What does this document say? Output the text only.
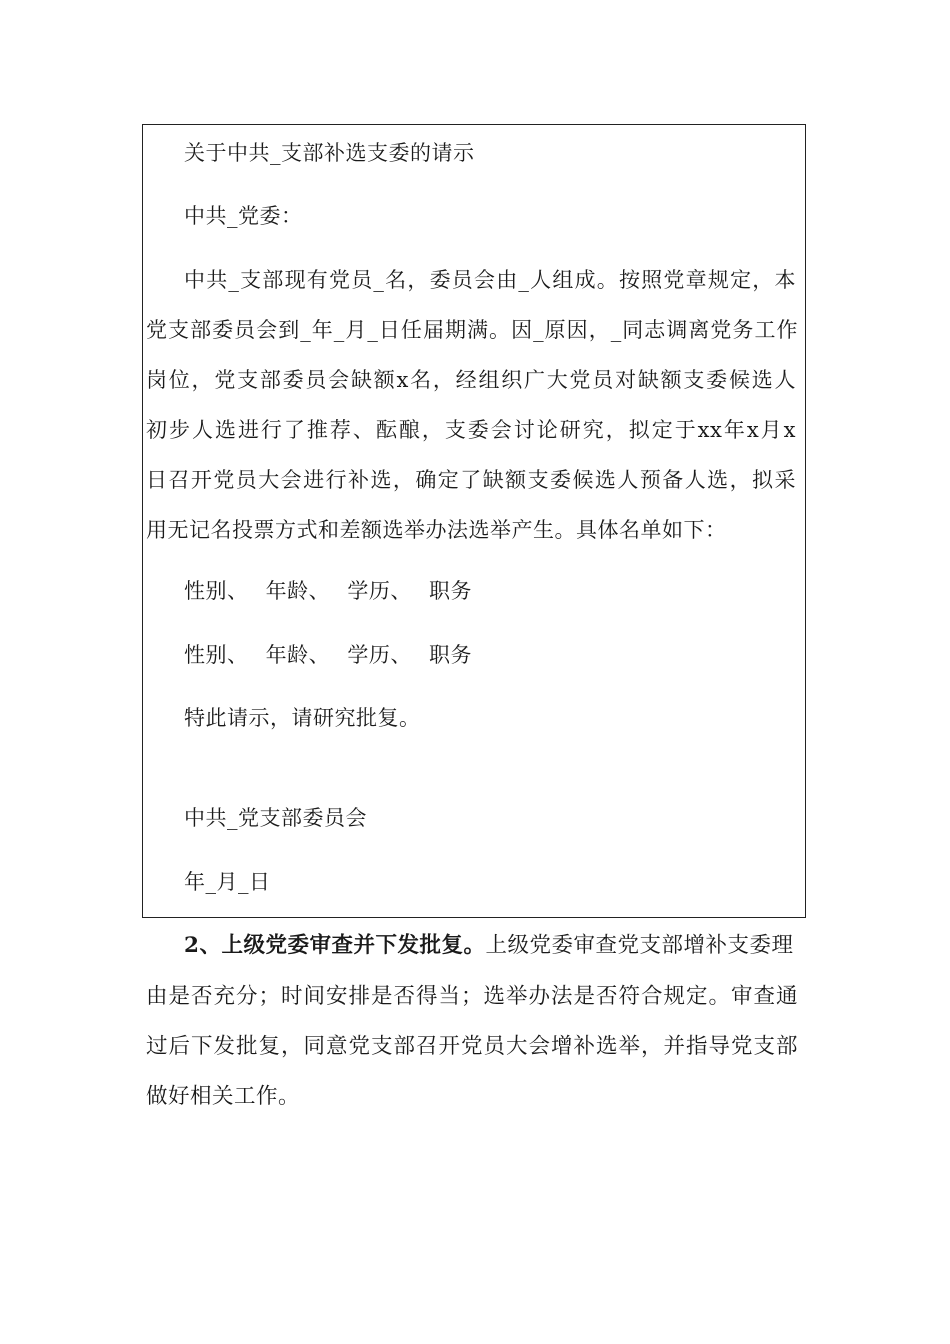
关于中共_支部补选支委的请示
中共_党委：
中共_支部现有党员_名，委员会由_人组成。按照党章规定，本
党支部委员会到_年_月_日任届期满。因_原因，_同志调离党务工作
岗位，党支部委员会缺额x名，经组织广大党员对缺额支委候选人
初步人选进行了推荐、酝酿，支委会讨论研究，拟定于xx年x月x
日召开党员大会进行补选，确定了缺额支委候选人预备人选，拟采
用无记名投票方式和差额选举办法选举产生。具体名单如下：
性别、 年龄、 学历、 职务
性别、 年龄、 学历、 职务
特此请示，请研究批复。
中共_党支部委员会
年_月_日
2、上级党委审查并下发批复。上级党委审查党支部增补支委理
由是否充分；时间安排是否得当；选举办法是否符合规定。审查通
过后下发批复，同意党支部召开党员大会增补选举，并指导党支部
做好相关工作。
